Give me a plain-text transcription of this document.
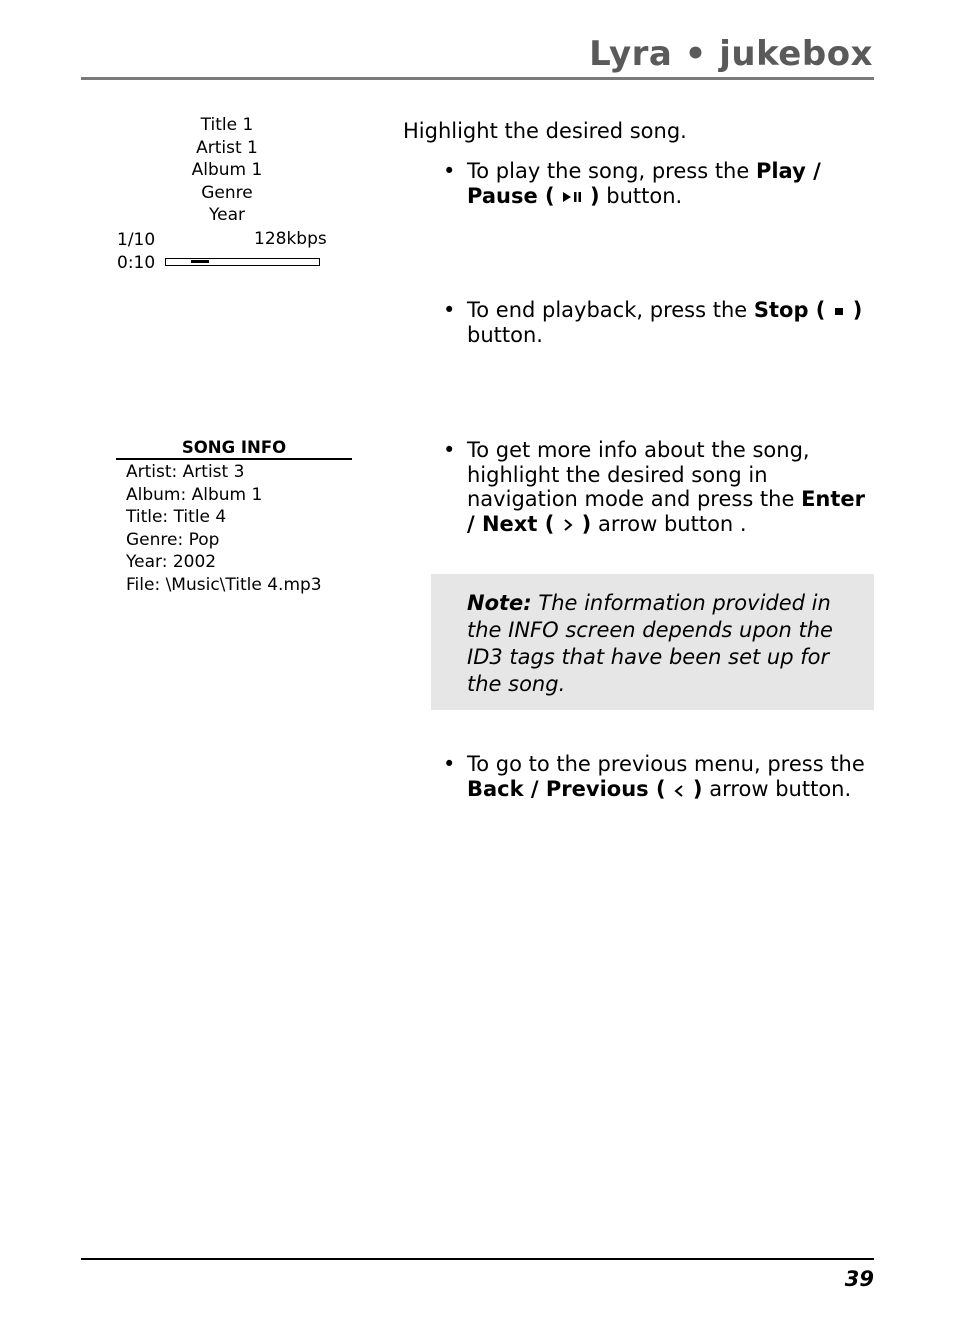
Lyra • jukebox
Title 1
Artist 1
Album 1
Genre
Year
1/10	128kbps
0:10
SONG INFO
Artist: Artist 3
Album: Album 1
Title: Title 4
Genre: Pop
Year: 2002
File: \Music\Title 4.mp3
Highlight the desired song.
• To play the song, press the Play /
Pause ( ) button.
• To end playback, press the Stop ( )
button.
• To get more info about the song,
highlight the desired song in
navigation mode and press the Enter
/ Next ( ) arrow button .
Note: The information provided in the INFO screen depends upon the ID3 tags that have been set up for the song.
• To go to the previous menu, press the
Back / Previous ( ) arrow button.
39
